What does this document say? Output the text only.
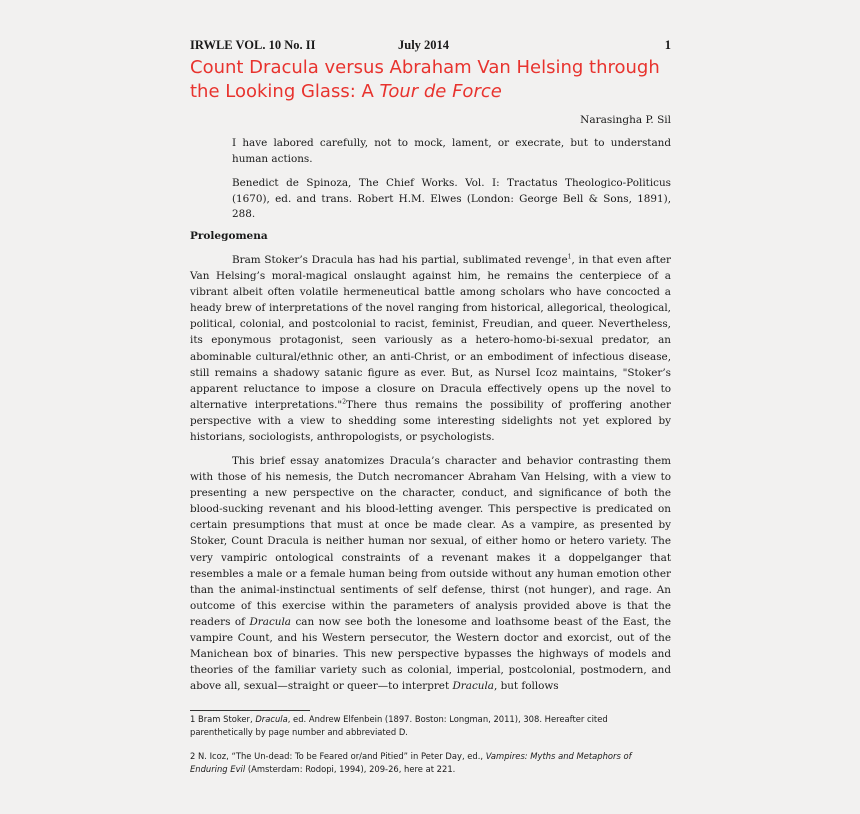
IRWLE VOL. 10 No. II	July 2014	1
Count Dracula versus Abraham Van Helsing through the Looking Glass: A Tour de Force
Narasingha P. Sil
I have labored carefully, not to mock, lament, or execrate, but to understand human actions.
Benedict de Spinoza, The Chief Works. Vol. I: Tractatus Theologico-Politicus (1670), ed. and trans. Robert H.M. Elwes (London: George Bell & Sons, 1891), 288.
Prolegomena
Bram Stoker’s Dracula has had his partial, sublimated revenge$^1$, in that even after Van Helsing’s moral-magical onslaught against him, he remains the centerpiece of a vibrant albeit often volatile hermeneutical battle among scholars who have concocted a heady brew of interpretations of the novel ranging from historical, allegorical, theological, political, colonial, and postcolonial to racist, feminist, Freudian, and queer. Nevertheless, its eponymous protagonist, seen variously as a hetero-homo-bi-sexual predator, an abominable cultural/ethnic other, an anti-Christ, or an embodiment of infectious disease, still remains a shadowy satanic figure as ever. But, as Nursel Icoz maintains, "Stoker’s apparent reluctance to impose a closure on Dracula effectively opens up the novel to alternative interpretations."$^2$There thus remains the possibility of proffering another perspective with a view to shedding some interesting sidelights not yet explored by historians, sociologists, anthropologists, or psychologists.
This brief essay anatomizes Dracula’s character and behavior contrasting them with those of his nemesis, the Dutch necromancer Abraham Van Helsing, with a view to presenting a new perspective on the character, conduct, and significance of both the blood-sucking revenant and his blood-letting avenger. This perspective is predicated on certain presumptions that must at once be made clear. As a vampire, as presented by Stoker, Count Dracula is neither human nor sexual, of either homo or hetero variety. The very vampiric ontological constraints of a revenant makes it a doppelganger that resembles a male or a female human being from outside without any human emotion other than the animal-instinctual sentiments of self defense, thirst (not hunger), and rage. An outcome of this exercise within the parameters of analysis provided above is that the readers of Dracula can now see both the lonesome and loathsome beast of the East, the vampire Count, and his Western persecutor, the Western doctor and exorcist, out of the Manichean box of binaries. This new perspective bypasses the highways of models and theories of the familiar variety such as colonial, imperial, postcolonial, postmodern, and above all, sexual—straight or queer—to interpret Dracula, but follows
1 Bram Stoker, Dracula, ed. Andrew Elfenbein (1897. Boston: Longman, 2011), 308. Hereafter cited parenthetically by page number and abbreviated D.
2 N. Icoz, “The Un-dead: To be Feared or/and Pitied” in Peter Day, ed., Vampires: Myths and Metaphors of Enduring Evil (Amsterdam: Rodopi, 1994), 209-26, here at 221.
